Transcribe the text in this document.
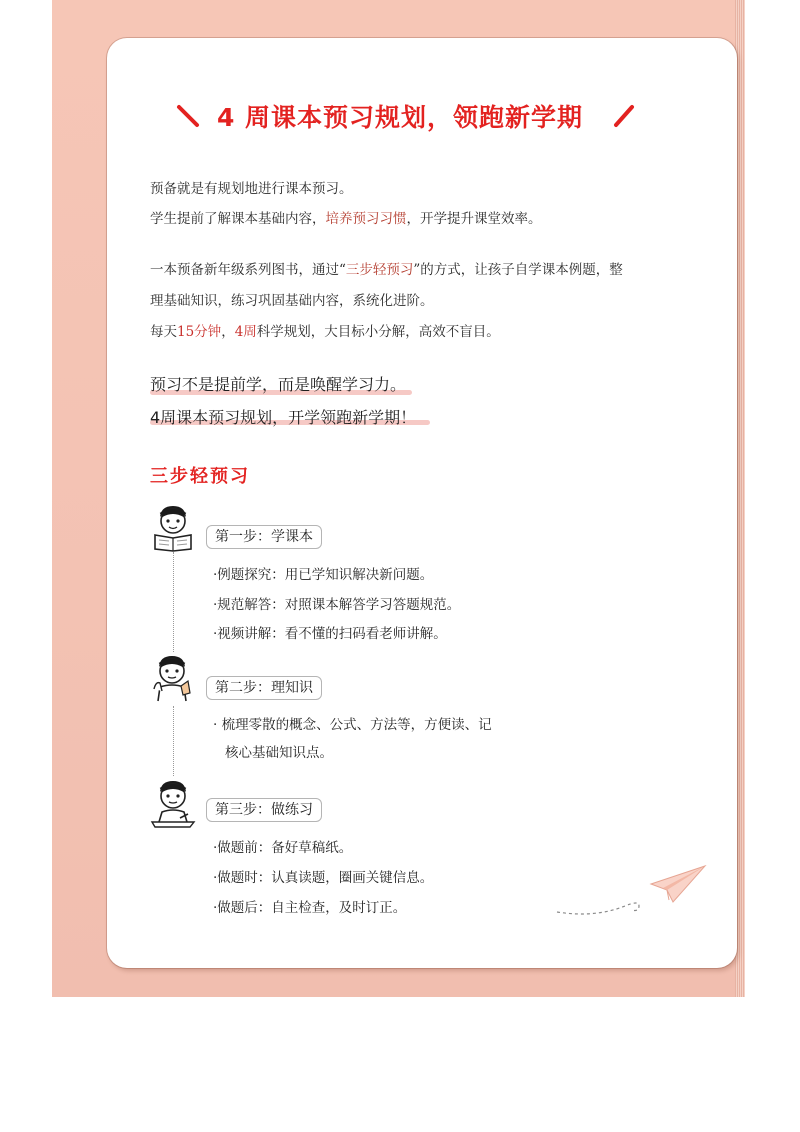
4 周课本预习规划，领跑新学期
预备就是有规划地进行课本预习。
学生提前了解课本基础内容，培养预习习惯，开学提升课堂效率。
一本预备新年级系列图书，通过“三步轻预习”的方式，让孩子自学课本例题，整
理基础知识，练习巩固基础内容，系统化进阶。
每天15分钟，4周科学规划，大目标小分解，高效不盲目。
预习不是提前学，而是唤醒学习力。
4周课本预习规划，开学领跑新学期！
三步轻预习
第一步：学课本
·例题探究：用已学知识解决新问题。
·规范解答：对照课本解答学习答题规范。
·视频讲解：看不懂的扫码看老师讲解。
第二步：理知识
· 梳理零散的概念、公式、方法等，方便读、记
核心基础知识点。
第三步：做练习
·做题前：备好草稿纸。
·做题时：认真读题，圈画关键信息。
·做题后：自主检查，及时订正。
